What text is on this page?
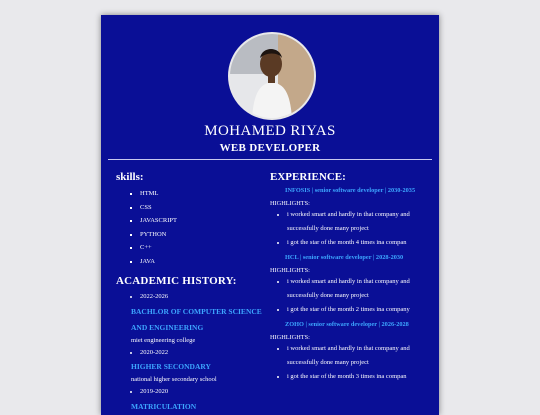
MOHAMED RIYAS
WEB DEVELOPER
skills:
▪ HTML
▪ CSS
▪ JAVASCRIPT
▪ PYTHON
▪ C++
▪ JAVA
ACADEMIC HISTORY:
• 2022-2026
BACHLOR OF COMPUTER SCIENCE AND ENGINEERING
miet engineering college
• 2020-2022
HIGHER SECONDARY
national higher secondary school
• 2019-2020
MATRICULATION
EXPERIENCE:
INFOSIS | senior software developer | 2030-2035
HIGHLIGHTS:
• i worked smart and hardly in that company and successfully done many project
• i got the star of the month 4 times ina compan
HCL | senior software developer | 2028-2030
HIGHLIGHTS:
• i worked smart and hardly in that company and successfully done many project
• i got the star of the month 2 times ina company
ZOHO | senior software developer | 2026-2028
HIGHLIGHTS:
• i worked smart and hardly in that company and successfully done many project
• i got the star of the month 3 times ina compan
